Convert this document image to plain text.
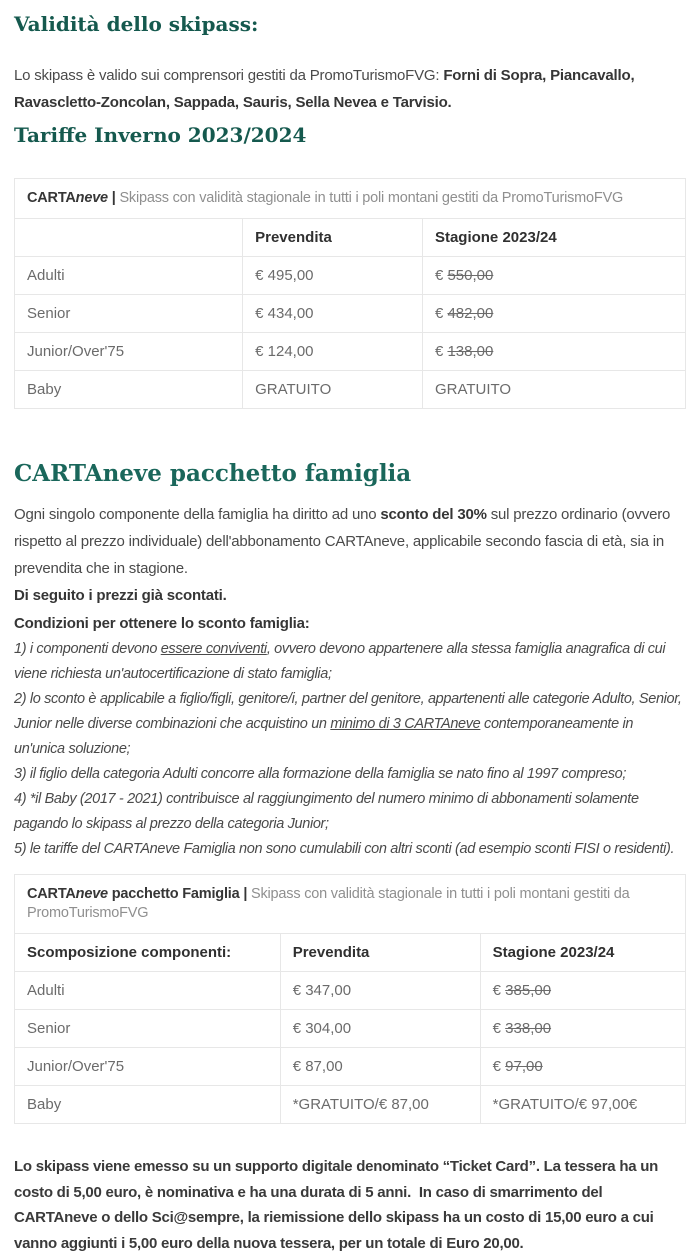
Validità dello skipass:

Lo skipass è valido sui comprensori gestiti da PromoTurismoFVG: Forni di Sopra, Piancavallo, Ravascletto-Zoncolan, Sappada, Sauris, Sella Nevea e Tarvisio.

Tariffe Inverno 2023/2024
CARTAneve | Skipass con validità stagionale in tutti i poli montani gestiti da PromoTurismoFVG		
	Prevendita	Stagione 2023/24
Adulti	€ 495,00	€ 550,00
Senior	€ 434,00	€ 482,00
Junior/Over'75	€ 124,00	€ 138,00
Baby	GRATUITO	GRATUITO
CARTAneve pacchetto famiglia
Ogni singolo componente della famiglia ha diritto ad uno sconto del 30% sul prezzo ordinario (ovvero rispetto al prezzo individuale) dell'abbonamento CARTAneve, applicabile secondo fascia di età, sia in prevendita che in stagione.
Di seguito i prezzi già scontati.
Condizioni per ottenere lo sconto famiglia:
1) i componenti devono essere conviventi, ovvero devono appartenere alla stessa famiglia anagrafica di cui viene richiesta un'autocertificazione di stato famiglia;
2) lo sconto è applicabile a figlio/figli, genitore/i, partner del genitore, appartenenti alle categorie Adulto, Senior, Junior nelle diverse combinazioni che acquistino un minimo di 3 CARTAneve contemporaneamente in un'unica soluzione;
3) il figlio della categoria Adulti concorre alla formazione della famiglia se nato fino al 1997 compreso;
4) *il Baby (2017 - 2021) contribuisce al raggiungimento del numero minimo di abbonamenti solamente pagando lo skipass al prezzo della categoria Junior;
5) le tariffe del CARTAneve Famiglia non sono cumulabili con altri sconti (ad esempio sconti FISI o residenti).
CARTAneve pacchetto Famiglia | Skipass con validità stagionale in tutti i poli montani gestiti da PromoTurismoFVG		
Scomposizione componenti:	Prevendita	Stagione 2023/24
Adulti	€ 347,00	€ 385,00
Senior	€ 304,00	€ 338,00
Junior/Over'75	€ 87,00	€ 97,00
Baby	*GRATUITO/€ 87,00	*GRATUITO/€ 97,00€

Lo skipass viene emesso su un supporto digitale denominato “Ticket Card”. La tessera ha un costo di 5,00 euro, è nominativa e ha una durata di 5 anni.  In caso di smarrimento del CARTAneve o dello Sci@sempre, la riemissione dello skipass ha un costo di 15,00 euro a cui vanno aggiunti i 5,00 euro della nuova tessera, per un totale di Euro 20,00.
